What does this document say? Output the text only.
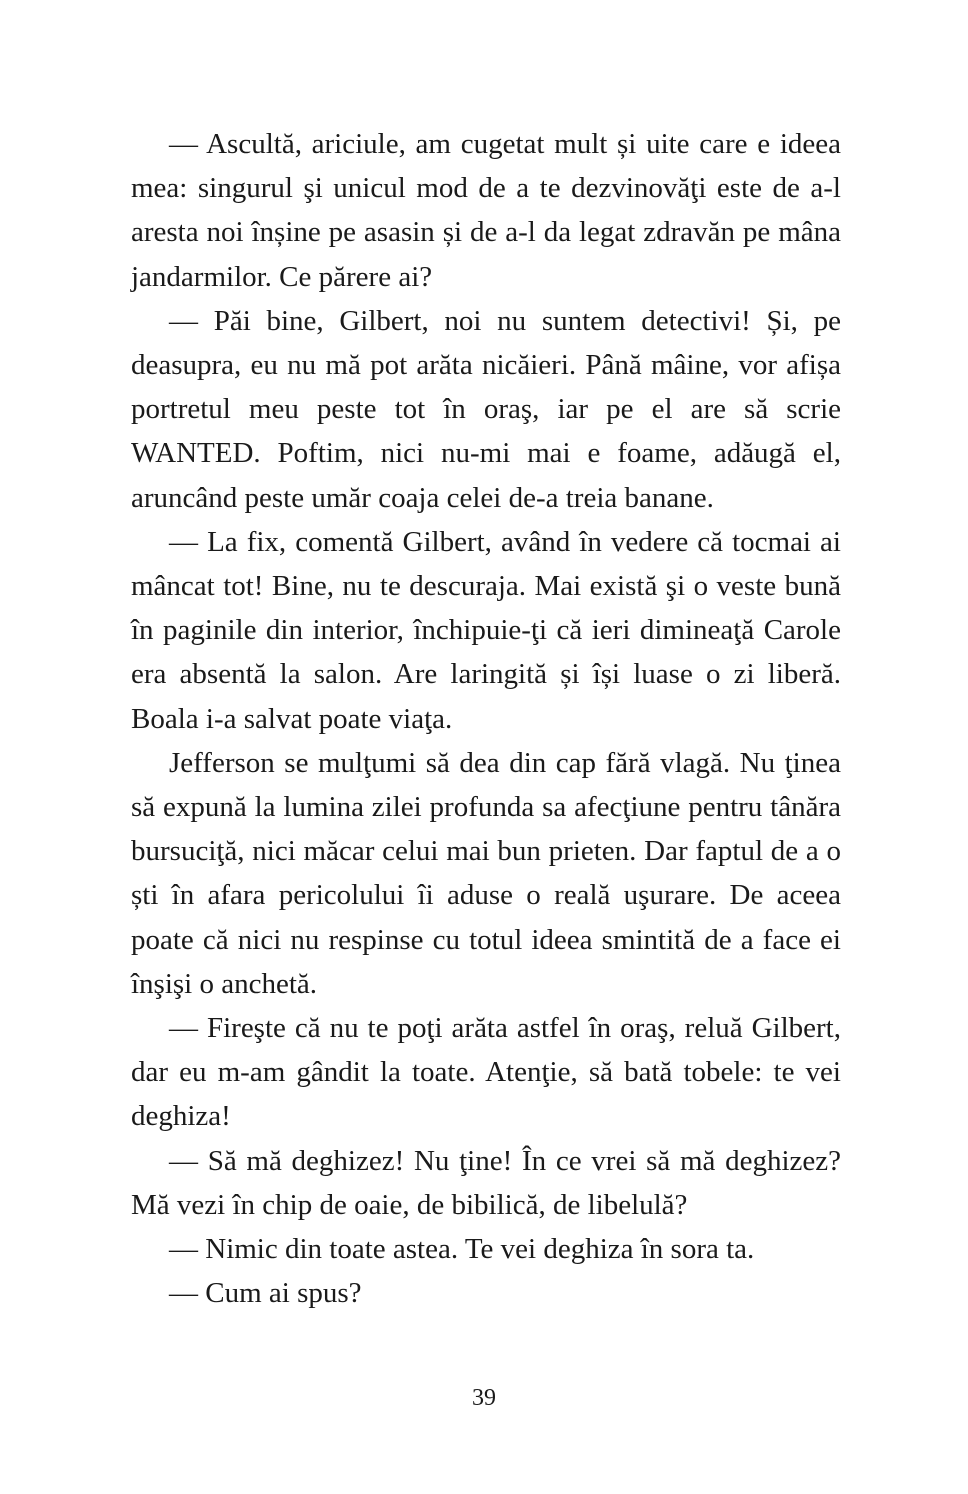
— Ascultă, ariciule, am cugetat mult și uite care e ideea mea: singurul şi unicul mod de a te dezvinovăţi este de a-l aresta noi înșine pe asasin și de a-l da legat zdravăn pe mâna jandarmilor. Ce părere ai?

— Păi bine, Gilbert, noi nu suntem detectivi! Și, pe deasupra, eu nu mă pot arăta nicăieri. Până mâine, vor afișa portretul meu peste tot în oraş, iar pe el are să scrie WANTED. Poftim, nici nu-mi mai e foame, adăugă el, aruncând peste umăr coaja celei de-a treia banane.

— La fix, comentă Gilbert, având în vedere că tocmai ai mâncat tot! Bine, nu te descuraja. Mai există şi o veste bună în paginile din interior, închipuie-ţi că ieri dimineaţă Carole era absentă la salon. Are laringită și își luase o zi liberă. Boala i-a salvat poate viaţa.

Jefferson se mulţumi să dea din cap fără vlagă. Nu ţinea să expună la lumina zilei profunda sa afecţiune pentru tânăra bursuciţă, nici măcar celui mai bun prieten. Dar faptul de a o ști în afara pericolului îi aduse o reală uşurare. De aceea poate că nici nu respinse cu totul ideea smintită de a face ei înşişi o anchetă.

— Fireşte că nu te poţi arăta astfel în oraş, reluă Gilbert, dar eu m-am gândit la toate. Atenţie, să bată tobele: te vei deghiza!

— Să mă deghizez! Nu ţine! În ce vrei să mă deghizez? Mă vezi în chip de oaie, de bibilică, de libelulă?

— Nimic din toate astea. Te vei deghiza în sora ta.

— Cum ai spus?

39
